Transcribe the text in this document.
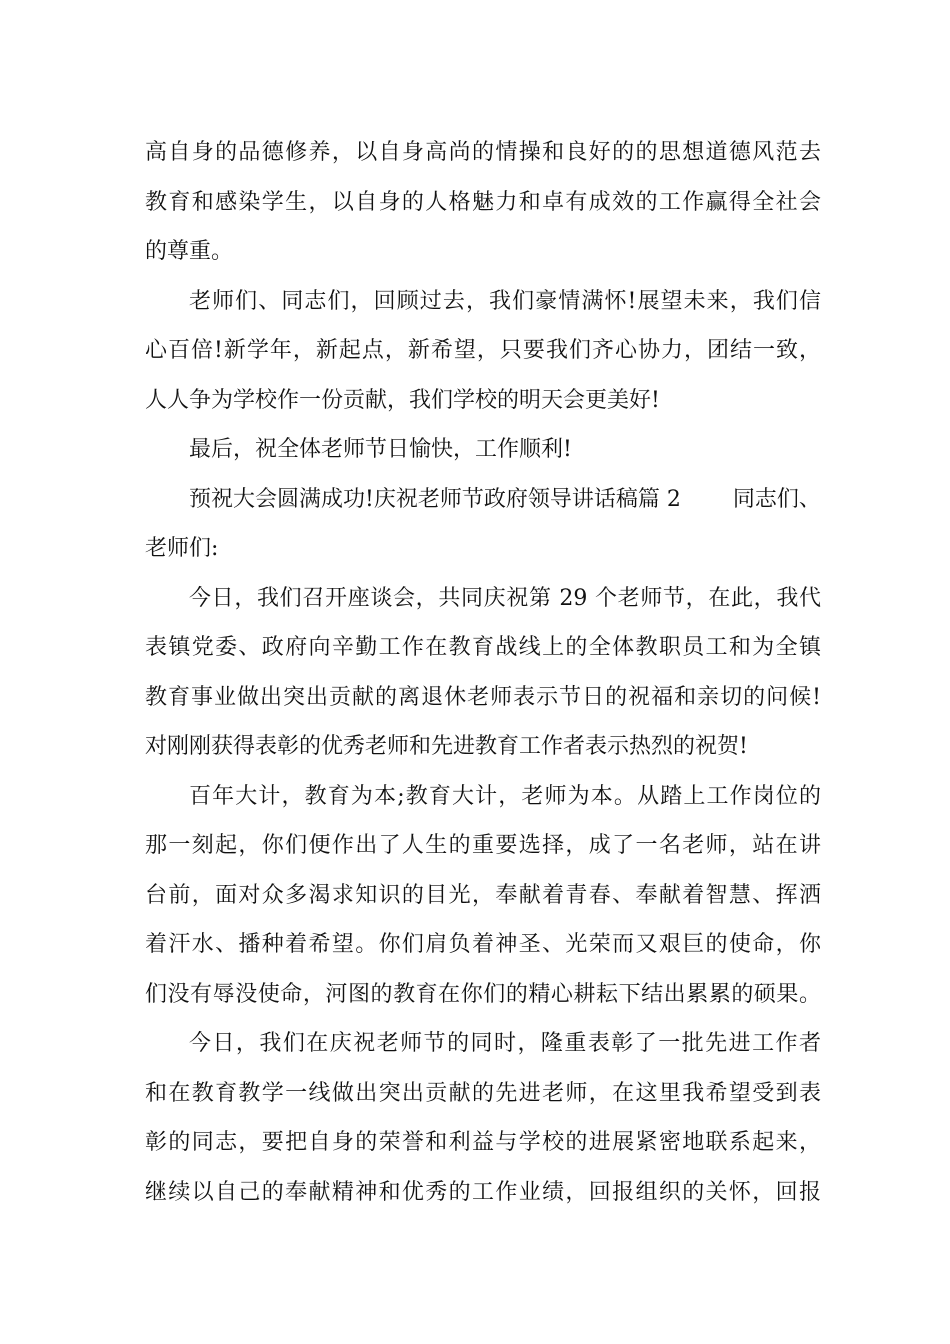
高自身的品德修养，以自身高尚的情操和良好的的思想道德风范去
教育和感染学生，以自身的人格魅力和卓有成效的工作赢得全社会
的尊重。
老师们、同志们，回顾过去，我们豪情满怀!展望未来，我们信
心百倍!新学年，新起点，新希望，只要我们齐心协力，团结一致，
人人争为学校作一份贡献，我们学校的明天会更美好!
最后，祝全体老师节日愉快，工作顺利!
预祝大会圆满成功!庆祝老师节政府领导讲话稿篇 2 同志们、
老师们:
今日，我们召开座谈会，共同庆祝第 29 个老师节，在此，我代
表镇党委、政府向辛勤工作在教育战线上的全体教职员工和为全镇
教育事业做出突出贡献的离退休老师表示节日的祝福和亲切的问候!
对刚刚获得表彰的优秀老师和先进教育工作者表示热烈的祝贺!
百年大计，教育为本;教育大计，老师为本。从踏上工作岗位的
那一刻起，你们便作出了人生的重要选择，成了一名老师，站在讲
台前，面对众多渴求知识的目光，奉献着青春、奉献着智慧、挥洒
着汗水、播种着希望。你们肩负着神圣、光荣而又艰巨的使命，你
们没有辱没使命，河图的教育在你们的精心耕耘下结出累累的硕果。
今日，我们在庆祝老师节的同时，隆重表彰了一批先进工作者
和在教育教学一线做出突出贡献的先进老师，在这里我希望受到表
彰的同志，要把自身的荣誉和利益与学校的进展紧密地联系起来，
继续以自己的奉献精神和优秀的工作业绩，回报组织的关怀，回报
